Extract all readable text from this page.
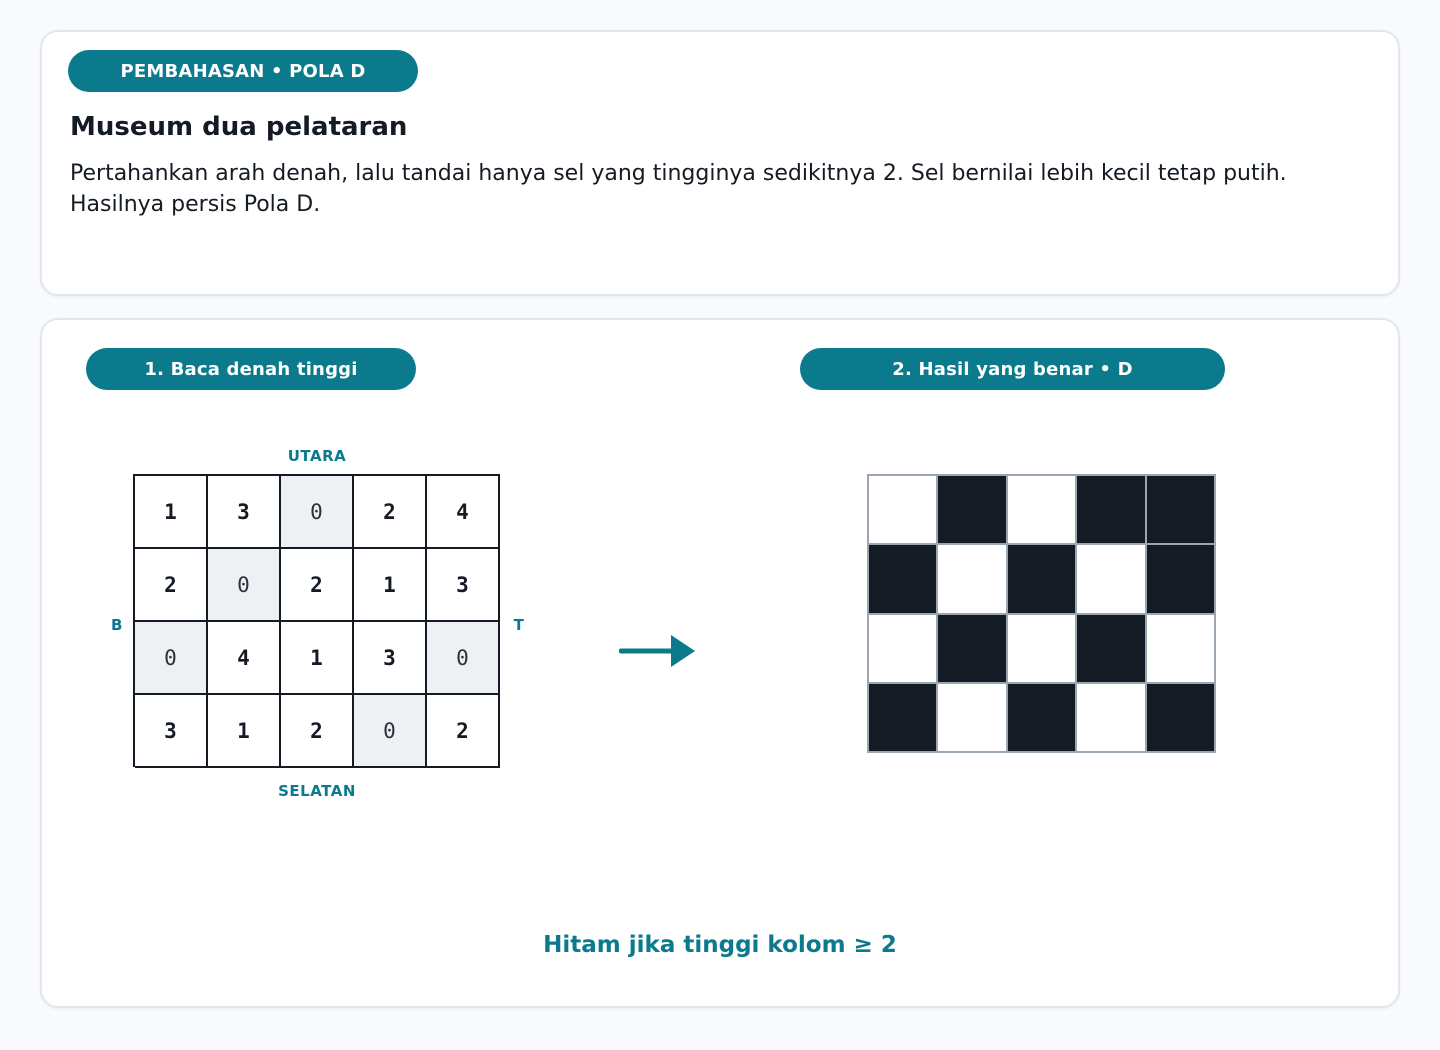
PEMBAHASAN • POLA D
Museum dua pelataran
Pertahankan arah denah, lalu tandai hanya sel yang tingginya sedikitnya 2. Sel bernilai lebih kecil tetap putih. Hasilnya persis Pola D.
1. Baca denah tinggi	2. Hasil yang benar • D
UTARA
SELATAN
B	T
1	3	0	2	4
2	0	2	1	3
0	4	1	3	0
3	1	2	0	2
Hitam jika tinggi kolom ≥ 2
